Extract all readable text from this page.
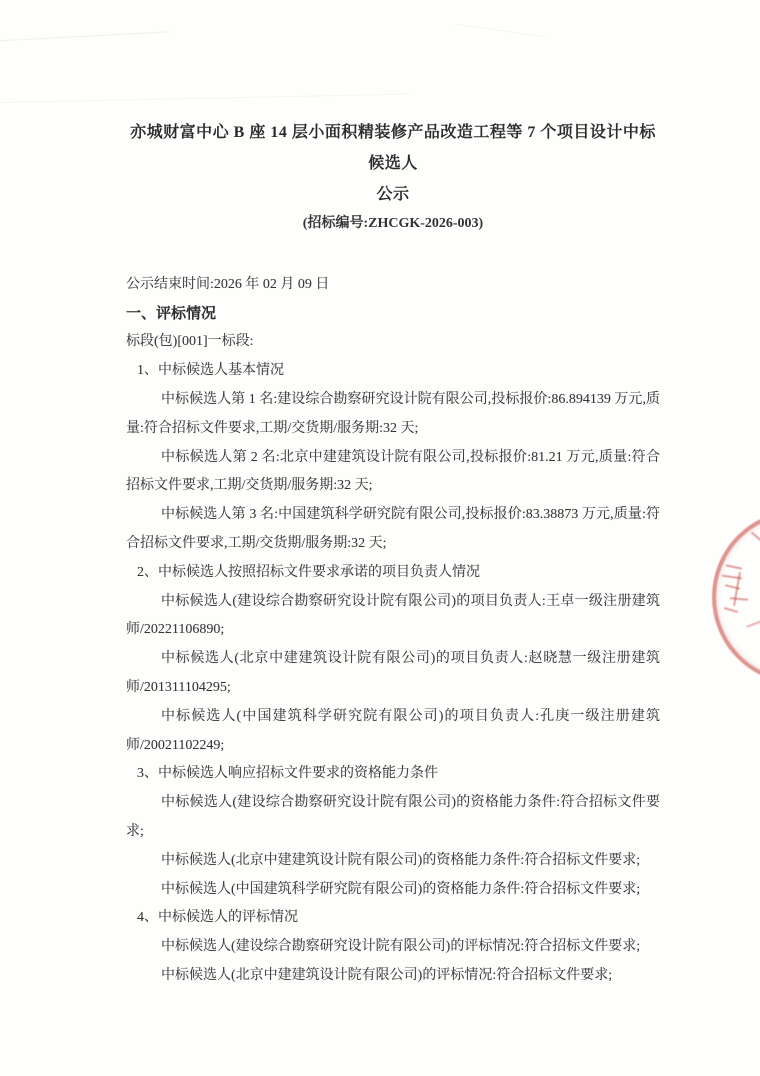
亦城财富中心 B 座 14 层小面积精装修产品改造工程等 7 个项目设计中标候选人
公示

(招标编号:ZHCGK-2026-003)

公示结束时间:2026 年 02 月 09 日

一、评标情况

标段(包)[001]一标段:

1、中标候选人基本情况

中标候选人第 1 名:建设综合勘察研究设计院有限公司,投标报价:86.894139 万元,质量:符合招标文件要求,工期/交货期/服务期:32 天;

中标候选人第 2 名:北京中建建筑设计院有限公司,投标报价:81.21 万元,质量:符合招标文件要求,工期/交货期/服务期:32 天;

中标候选人第 3 名:中国建筑科学研究院有限公司,投标报价:83.38873 万元,质量:符合招标文件要求,工期/交货期/服务期:32 天;

2、中标候选人按照招标文件要求承诺的项目负责人情况

中标候选人(建设综合勘察研究设计院有限公司)的项目负责人:王卓一级注册建筑师/20221106890;

中标候选人(北京中建建筑设计院有限公司)的项目负责人:赵晓慧一级注册建筑师/201311104295;

中标候选人(中国建筑科学研究院有限公司)的项目负责人:孔庚一级注册建筑师/20021102249;

3、中标候选人响应招标文件要求的资格能力条件

中标候选人(建设综合勘察研究设计院有限公司)的资格能力条件:符合招标文件要求;

中标候选人(北京中建建筑设计院有限公司)的资格能力条件:符合招标文件要求;

中标候选人(中国建筑科学研究院有限公司)的资格能力条件:符合招标文件要求;

4、中标候选人的评标情况

中标候选人(建设综合勘察研究设计院有限公司)的评标情况:符合招标文件要求;

中标候选人(北京中建建筑设计院有限公司)的评标情况:符合招标文件要求;
